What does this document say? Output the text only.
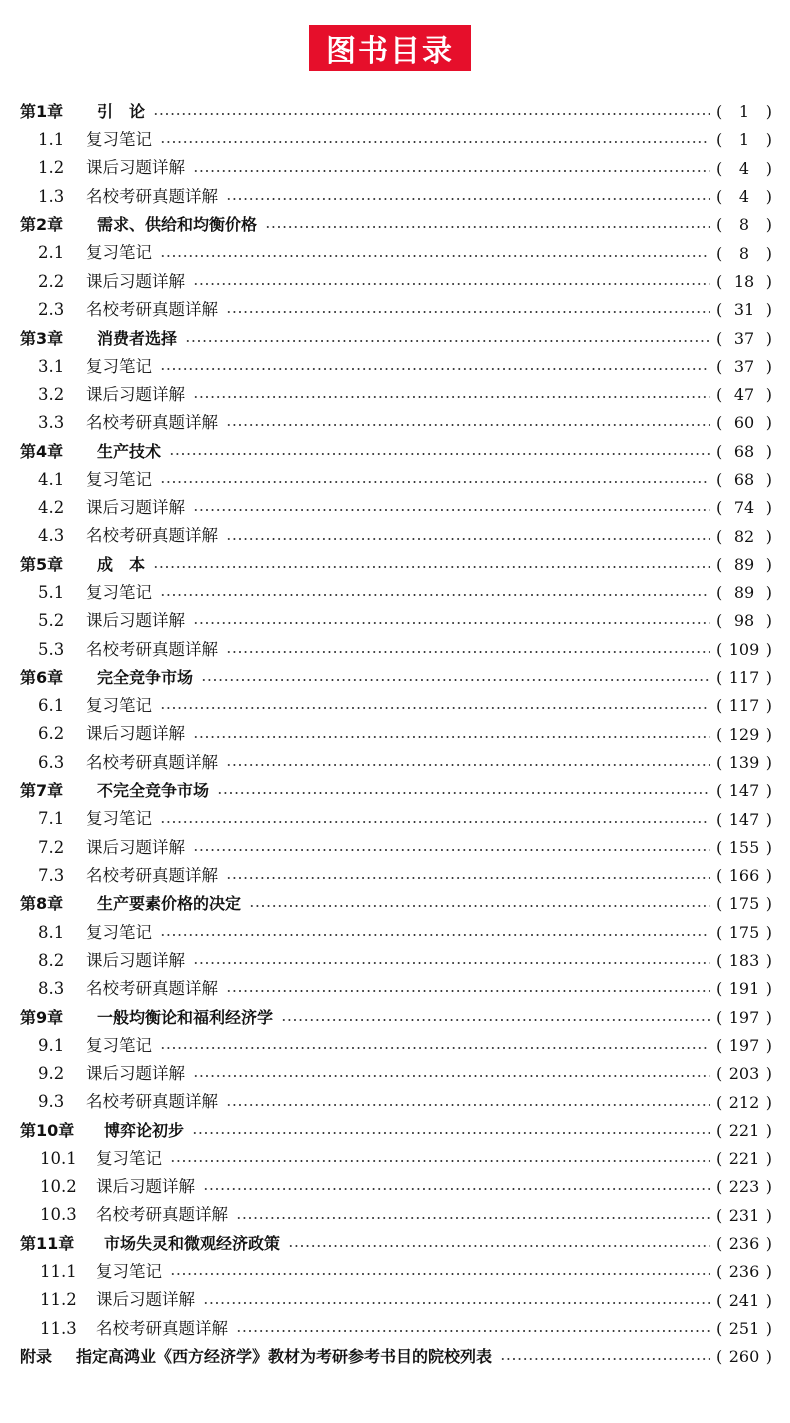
图书目录
第1章 引　论	(	1	)
1.1 复习笔记	(	1	)
1.2 课后习题详解	(	4	)
1.3 名校考研真题详解	(	4	)
第2章 需求、供给和均衡价格	(	8	)
2.1 复习笔记	(	8	)
2.2 课后习题详解	( 18 )
2.3 名校考研真题详解	( 31 )
第3章 消费者选择	( 37 )
3.1 复习笔记	( 37 )
3.2 课后习题详解	( 47 )
3.3 名校考研真题详解	( 60 )
第4章 生产技术	( 68 )
4.1 复习笔记	( 68 )
4.2 课后习题详解	( 74 )
4.3 名校考研真题详解	( 82 )
第5章 成　本	( 89 )
5.1 复习笔记	( 89 )
5.2 课后习题详解	( 98 )
5.3 名校考研真题详解	( 109 )
第6章 完全竞争市场	( 117 )
6.1 复习笔记	( 117 )
6.2 课后习题详解	( 129 )
6.3 名校考研真题详解	( 139 )
第7章 不完全竞争市场	( 147 )
7.1 复习笔记	( 147 )
7.2 课后习题详解	( 155 )
7.3 名校考研真题详解	( 166 )
第8章 生产要素价格的决定	( 175 )
8.1 复习笔记	( 175 )
8.2 课后习题详解	( 183 )
8.3 名校考研真题详解	( 191 )
第9章 一般均衡论和福利经济学	( 197 )
9.1 复习笔记	( 197 )
9.2 课后习题详解	( 203 )
9.3 名校考研真题详解	( 212 )
第10章 博弈论初步	( 221 )
10.1 复习笔记	( 221 )
10.2 课后习题详解	( 223 )
10.3 名校考研真题详解	( 231 )
第11章 市场失灵和微观经济政策	( 236 )
11.1 复习笔记	( 236 )
11.2 课后习题详解	( 241 )
11.3 名校考研真题详解	( 251 )
附录 指定高鸿业《西方经济学》教材为考研参考书目的院校列表	( 260 )
